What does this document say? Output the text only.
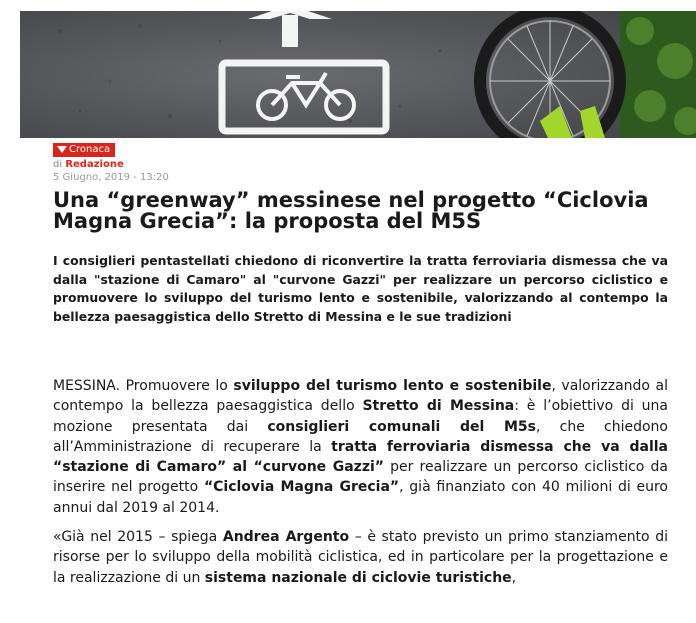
Cronaca
di Redazione
5 Giugno, 2019 - 13:20
Una “greenway” messinese nel progetto “Ciclovia Magna Grecia”: la proposta del M5S

I consiglieri pentastellati chiedono di riconvertire la tratta ferroviaria dismessa che va dalla "stazione di Camaro" al "curvone Gazzi" per realizzare un percorso ciclistico e promuovere lo sviluppo del turismo lento e sostenibile, valorizzando al contempo la bellezza paesaggistica dello Stretto di Messina e le sue tradizioni

MESSINA. Promuovere lo sviluppo del turismo lento e sostenibile, valorizzando al contempo la bellezza paesaggistica dello Stretto di Messina: è l’obiettivo di una mozione presentata dai consiglieri comunali del M5s, che chiedono all’Amministrazione di recuperare la tratta ferroviaria dismessa che va dalla “stazione di Camaro” al “curvone Gazzi” per realizzare un percorso ciclistico da inserire nel progetto “Ciclovia Magna Grecia”, già finanziato con 40 milioni di euro annui dal 2019 al 2014.

«Già nel 2015 – spiega Andrea Argento – è stato previsto un primo stanziamento di risorse per lo sviluppo della mobilità ciclistica, ed in particolare per la progettazione e la realizzazione di un sistema nazionale di ciclovie turistiche,
